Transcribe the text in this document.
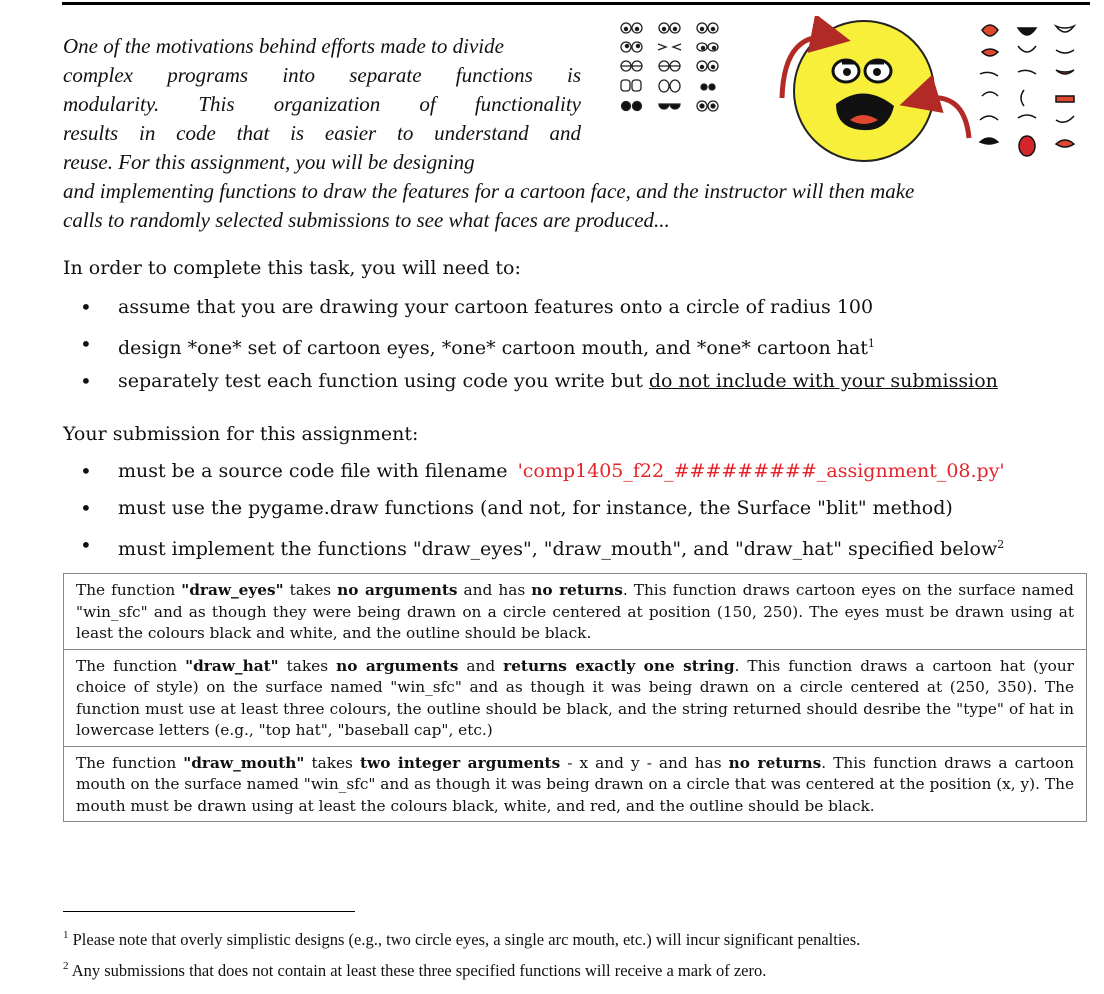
One of the motivations behind efforts made to divide

complex programs into separate functions is

modularity. This organization of functionality

results in code that is easier to understand and

reuse. For this assignment, you will be designing

and implementing functions to draw the features for a cartoon face, and the instructor will then make

calls to randomly selected submissions to see what faces are produced...

In order to complete this task, you will need to:
• assume that you are drawing your cartoon features onto a circle of radius 100
• design *one* set of cartoon eyes, *one* cartoon mouth, and *one* cartoon hat$^1$
• separately test each function using code you write but do not include with your submission
Your submission for this assignment:
• must be a source code file with filename 'comp1405_f22_#########_assignment_08.py'
• must use the pygame.draw functions (and not, for instance, the Surface "blit" method)
• must implement the functions "draw_eyes", "draw_mouth", and "draw_hat" specified below$^2$
The function "draw_eyes" takes no arguments and has no returns. This function draws cartoon eyes on the surface named "win_sfc" and as though they were being drawn on a circle centered at position (150, 250). The eyes must be drawn using at least the colours black and white, and the outline should be black.
The function "draw_hat" takes no arguments and returns exactly one string. This function draws a cartoon hat (your choice of style) on the surface named "win_sfc" and as though it was being drawn on a circle centered at (250, 350). The function must use at least three colours, the outline should be black, and the string returned should desribe the "type" of hat in lowercase letters (e.g., "top hat", "baseball cap", etc.)
The function "draw_mouth" takes two integer arguments - x and y - and has no returns. This function draws a cartoon mouth on the surface named "win_sfc" and as though it was being drawn on a circle that was centered at the position (x, y). The mouth must be drawn using at least the colours black, white, and red, and the outline should be black.

$^1$ Please note that overly simplistic designs (e.g., two circle eyes, a single arc mouth, etc.) will incur significant penalties.

$^2$ Any submissions that does not contain at least these three specified functions will receive a mark of zero.
